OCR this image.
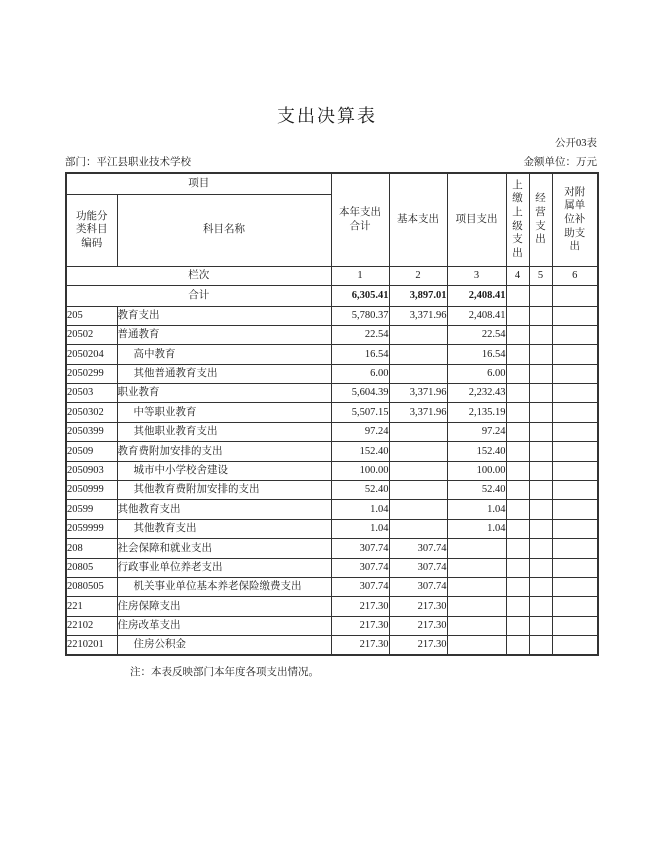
支出决算表
公开03表
部门：平江县职业技术学校	金额单位：万元
项目		本年支出合计	基本支出	项目支出	上缴上级支出	经营支出	对附属单位补助支出
功能分类科目编码	科目名称						
栏次		1	2	3	4	5	6
合计		6,305.41	3,897.01	2,408.41			
205	教育支出	5,780.37	3,371.96	2,408.41			
20502	普通教育	22.54		22.54			
2050204	高中教育	16.54		16.54			
2050299	其他普通教育支出	6.00		6.00			
20503	职业教育	5,604.39	3,371.96	2,232.43			
2050302	中等职业教育	5,507.15	3,371.96	2,135.19			
2050399	其他职业教育支出	97.24		97.24			
20509	教育费附加安排的支出	152.40		152.40			
2050903	城市中小学校舍建设	100.00		100.00			
2050999	其他教育费附加安排的支出	52.40		52.40			
20599	其他教育支出	1.04		1.04			
2059999	其他教育支出	1.04		1.04			
208	社会保障和就业支出	307.74	307.74				
20805	行政事业单位养老支出	307.74	307.74				
2080505	机关事业单位基本养老保险缴费支出	307.74	307.74				
221	住房保障支出	217.30	217.30				
22102	住房改革支出	217.30	217.30				
2210201	住房公积金	217.30	217.30				
注：本表反映部门本年度各项支出情况。
